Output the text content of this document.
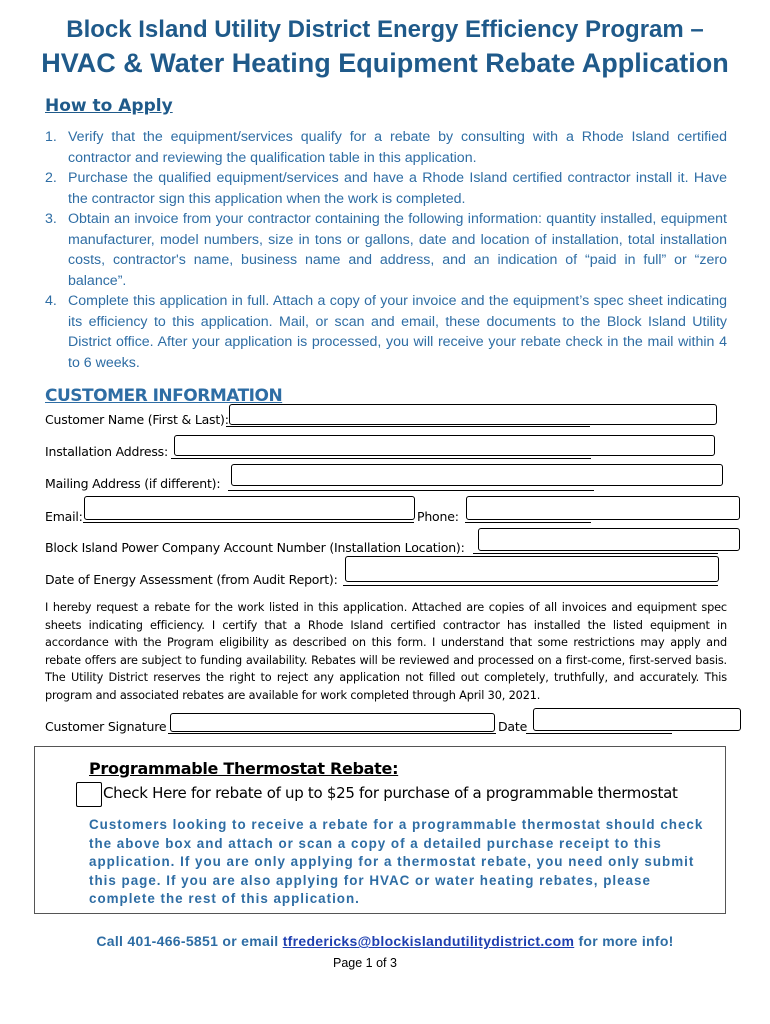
Block Island Utility District Energy Efficiency Program –
HVAC & Water Heating Equipment Rebate Application
How to Apply
1. Verify that the equipment/services qualify for a rebate by consulting with a Rhode Island certified contractor and reviewing the qualification table in this application.
2. Purchase the qualified equipment/services and have a Rhode Island certified contractor install it. Have the contractor sign this application when the work is completed.
3. Obtain an invoice from your contractor containing the following information: quantity installed, equipment manufacturer, model numbers, size in tons or gallons, date and location of installation, total installation costs, contractor's name, business name and address, and an indication of “paid in full” or “zero balance”.
4. Complete this application in full. Attach a copy of your invoice and the equipment’s spec sheet indicating its efficiency to this application. Mail, or scan and email, these documents to the Block Island Utility District office. After your application is processed, you will receive your rebate check in the mail within 4 to 6 weeks.
CUSTOMER INFORMATION
Customer Name (First & Last):
Installation Address:
Mailing Address (if different):
Email:	Phone:
Block Island Power Company Account Number (Installation Location):
Date of Energy Assessment (from Audit Report):
I hereby request a rebate for the work listed in this application. Attached are copies of all invoices and equipment spec sheets indicating efficiency. I certify that a Rhode Island certified contractor has installed the listed equipment in accordance with the Program eligibility as described on this form. I understand that some restrictions may apply and rebate offers are subject to funding availability. Rebates will be reviewed and processed on a first-come, first-served basis. The Utility District reserves the right to reject any application not filled out completely, truthfully, and accurately. This program and associated rebates are available for work completed through April 30, 2021.
Customer Signature	Date
Programmable Thermostat Rebate:
Check Here for rebate of up to $25 for purchase of a programmable thermostat
Customers looking to receive a rebate for a programmable thermostat should check the above box and attach or scan a copy of a detailed purchase receipt to this application. If you are only applying for a thermostat rebate, you need only submit this page. If you are also applying for HVAC or water heating rebates, please complete the rest of this application.
Call 401-466-5851 or email tfredericks@blockislandutilitydistrict.com for more info!
Page 1 of 3
